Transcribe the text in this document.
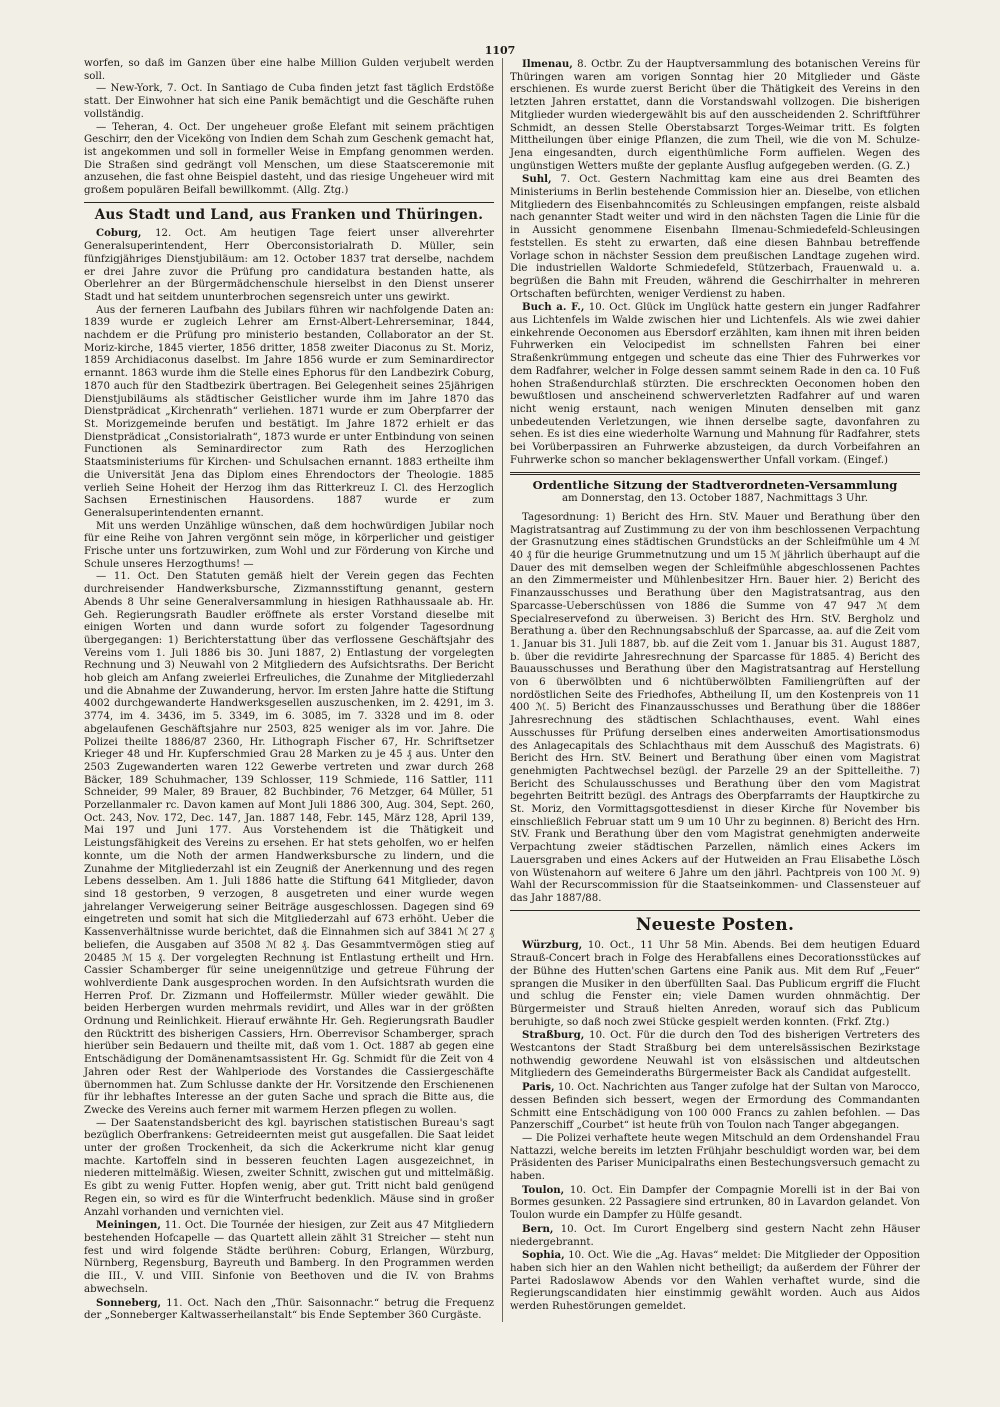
1107

worfen, so daß im Ganzen über eine halbe Million Gulden verjubelt werden soll.

— New-York, 7. Oct. In Santiago de Cuba finden jetzt fast täglich Erdstöße statt. Der Einwohner hat sich eine Panik bemächtigt und die Geschäfte ruhen vollständig.

— Teheran, 4. Oct. Der ungeheuer große Elefant mit seinem prächtigen Geschirr, den der Viceköng von Indien dem Schah zum Geschenk gemacht hat, ist angekommen und soll in formeller Weise in Empfang genommen werden. Die Straßen sind gedrängt voll Menschen, um diese Staatsceremonie mit anzusehen, die fast ohne Beispiel dasteht, und das riesige Ungeheuer wird mit großem populären Beifall bewillkommt. (Allg. Ztg.)

Aus Stadt und Land, aus Franken und Thüringen.

Coburg, 12. Oct. Am heutigen Tage feiert unser allverehrter Generalsuperintendent, Herr Oberconsistorialrath D. Müller, sein fünfzigjähriges Dienstjubiläum: am 12. October 1837 trat derselbe, nachdem er drei Jahre zuvor die Prüfung pro candidatura bestanden hatte, als Oberlehrer an der Bürgermädchenschule hierselbst in den Dienst unserer Stadt und hat seitdem ununterbrochen segensreich unter uns gewirkt.

Aus der ferneren Laufbahn des Jubilars führen wir nachfolgende Daten an: 1839 wurde er zugleich Lehrer am Ernst-Albert-Lehrerseminar, 1844, nachdem er die Prüfung pro ministerio bestanden, Collaborator an der St. Moriz-kirche, 1845 vierter, 1856 dritter, 1858 zweiter Diaconus zu St. Moriz, 1859 Archidiaconus daselbst. Im Jahre 1856 wurde er zum Seminardirector ernannt. 1863 wurde ihm die Stelle eines Ephorus für den Landbezirk Coburg, 1870 auch für den Stadtbezirk übertragen. Bei Gelegenheit seines 25jährigen Dienstjubiläums als städtischer Geistlicher wurde ihm im Jahre 1870 das Dienstprädicat „Kirchenrath“ verliehen. 1871 wurde er zum Oberpfarrer der St. Morizgemeinde berufen und bestätigt. Im Jahre 1872 erhielt er das Dienstprädicat „Consistorialrath“, 1873 wurde er unter Entbindung von seinen Functionen als Seminardirector zum Rath des Herzoglichen Staatsministeriums für Kirchen- und Schulsachen ernannt. 1883 ertheilte ihm die Universität Jena das Diplom eines Ehrendoctors der Theologie. 1885 verlieh Seine Hoheit der Herzog ihm das Ritterkreuz I. Cl. des Herzoglich Sachsen Ernestinischen Hausordens. 1887 wurde er zum Generalsuperintendenten ernannt.

Mit uns werden Unzählige wünschen, daß dem hochwürdigen Jubilar noch für eine Reihe von Jahren vergönnt sein möge, in körperlicher und geistiger Frische unter uns fortzuwirken, zum Wohl und zur Förderung von Kirche und Schule unseres Herzogthums! —

— 11. Oct. Den Statuten gemäß hielt der Verein gegen das Fechten durchreisender Handwerksbursche, Zizmannsstiftung genannt, gestern Abends 8 Uhr seine Generalversammlung in hiesigen Rathhaussaale ab. Hr. Geh. Regierungsrath Baudler eröffnete als erster Vorstand dieselbe mit einigen Worten und dann wurde sofort zu folgender Tagesordnung übergegangen: 1) Berichterstattung über das verflossene Geschäftsjahr des Vereins vom 1. Juli 1886 bis 30. Juni 1887, 2) Entlastung der vorgelegten Rechnung und 3) Neuwahl von 2 Mitgliedern des Aufsichtsraths. Der Bericht hob gleich am Anfang zweierlei Erfreuliches, die Zunahme der Mitgliederzahl und die Abnahme der Zuwanderung, hervor. Im ersten Jahre hatte die Stiftung 4002 durchgewanderte Handwerksgesellen auszuschenken, im 2. 4291, im 3. 3774, im 4. 3436, im 5. 3349, im 6. 3085, im 7. 3328 und im 8. oder abgelaufenen Geschäftsjahre nur 2503, 825 weniger als im vor. Jahre. Die Polizei theilte 1886/87 2360, Hr. Lithograph Fischer 67, Hr. Schriftsetzer Krieger 48 und Hr. Kupferschmied Grau 28 Marken zu je 45 ₰ aus. Unter den 2503 Zugewanderten waren 122 Gewerbe vertreten und zwar durch 268 Bäcker, 189 Schuhmacher, 139 Schlosser, 119 Schmiede, 116 Sattler, 111 Schneider, 99 Maler, 89 Brauer, 82 Buchbinder, 76 Metzger, 64 Müller, 51 Porzellanmaler rc. Davon kamen auf Mont Juli 1886 300, Aug. 304, Sept. 260, Oct. 243, Nov. 172, Dec. 147, Jan. 1887 148, Febr. 145, März 128, April 139, Mai 197 und Juni 177. Aus Vorstehendem ist die Thätigkeit und Leistungsfähigkeit des Vereins zu ersehen. Er hat stets geholfen, wo er helfen konnte, um die Noth der armen Handwerksbursche zu lindern, und die Zunahme der Mitgliederzahl ist ein Zeugniß der Anerkennung und des regen Lebens desselben. Am 1. Juli 1886 hatte die Stiftung 641 Mitglieder, davon sind 18 gestorben, 9 verzogen, 8 ausgetreten und einer wurde wegen jahrelanger Verweigerung seiner Beiträge ausgeschlossen. Dagegen sind 69 eingetreten und somit hat sich die Mitgliederzahl auf 673 erhöht. Ueber die Kassenverhältnisse wurde berichtet, daß die Einnahmen sich auf 3841 ℳ 27 ₰ beliefen, die Ausgaben auf 3508 ℳ 82 ₰. Das Gesammtvermögen stieg auf 20485 ℳ 15 ₰. Der vorgelegten Rechnung ist Entlastung ertheilt und Hrn. Cassier Schamberger für seine uneigennützige und getreue Führung der wohlverdiente Dank ausgesprochen worden. In den Aufsichtsrath wurden die Herren Prof. Dr. Zizmann und Hoffeilermstr. Müller wieder gewählt. Die beiden Herbergen wurden mehrmals revidirt, und Alles war in der größten Ordnung und Reinlichkeit. Hierauf erwähnte Hr. Geh. Regierungsrath Baudler den Rücktritt des bisherigen Cassiers, Hrn. Oberrevisor Schamberger, sprach hierüber sein Bedauern und theilte mit, daß vom 1. Oct. 1887 ab gegen eine Entschädigung der Domänenamtsassistent Hr. Gg. Schmidt für die Zeit von 4 Jahren oder Rest der Wahlperiode des Vorstandes die Cassiergeschäfte übernommen hat. Zum Schlusse dankte der Hr. Vorsitzende den Erschienenen für ihr lebhaftes Interesse an der guten Sache und sprach die Bitte aus, die Zwecke des Vereins auch ferner mit warmem Herzen pflegen zu wollen.

— Der Saatenstandsbericht des kgl. bayrischen statistischen Bureau's sagt bezüglich Oberfrankens: Getreideernten meist gut ausgefallen. Die Saat leidet unter der großen Trockenheit, da sich die Ackerkrume nicht klar genug machte. Kartoffeln sind in besseren feuchten Lagen ausgezeichnet, in niederen mittelmäßig. Wiesen, zweiter Schnitt, zwischen gut und mittelmäßig. Es gibt zu wenig Futter. Hopfen wenig, aber gut. Tritt nicht bald genügend Regen ein, so wird es für die Winterfrucht bedenklich. Mäuse sind in großer Anzahl vorhanden und vernichten viel.

Meiningen, 11. Oct. Die Tournée der hiesigen, zur Zeit aus 47 Mitgliedern bestehenden Hofcapelle — das Quartett allein zählt 31 Streicher — steht nun fest und wird folgende Städte berühren: Coburg, Erlangen, Würzburg, Nürnberg, Regensburg, Bayreuth und Bamberg. In den Programmen werden die III., V. und VIII. Sinfonie von Beethoven und die IV. von Brahms abwechseln.

Sonneberg, 11. Oct. Nach den „Thür. Saisonnachr.“ betrug die Frequenz der „Sonneberger Kaltwasserheilanstalt“ bis Ende September 360 Curgäste.

Ilmenau, 8. Octbr. Zu der Hauptversammlung des botanischen Vereins für Thüringen waren am vorigen Sonntag hier 20 Mitglieder und Gäste erschienen. Es wurde zuerst Bericht über die Thätigkeit des Vereins in den letzten Jahren erstattet, dann die Vorstandswahl vollzogen. Die bisherigen Mitglieder wurden wiedergewählt bis auf den ausscheidenden 2. Schriftführer Schmidt, an dessen Stelle Oberstabsarzt Torges-Weimar tritt. Es folgten Mittheilungen über einige Pflanzen, die zum Theil, wie die von M. Schulze-Jena eingesandten, durch eigenthümliche Form auffielen. Wegen des ungünstigen Wetters mußte der geplante Ausflug aufgegeben werden. (G. Z.)

Suhl, 7. Oct. Gestern Nachmittag kam eine aus drei Beamten des Ministeriums in Berlin bestehende Commission hier an. Dieselbe, von etlichen Mitgliedern des Eisenbahncomités zu Schleusingen empfangen, reiste alsbald nach genannter Stadt weiter und wird in den nächsten Tagen die Linie für die in Aussicht genommene Eisenbahn Ilmenau-Schmiedefeld-Schleusingen feststellen. Es steht zu erwarten, daß eine diesen Bahnbau betreffende Vorlage schon in nächster Session dem preußischen Landtage zugehen wird. Die industriellen Waldorte Schmiedefeld, Stützerbach, Frauenwald u. a. begrüßen die Bahn mit Freuden, während die Geschirrhalter in mehreren Ortschaften befürchten, weniger Verdienst zu haben.

Buch a. F., 10. Oct. Glück im Unglück hatte gestern ein junger Radfahrer aus Lichtenfels im Walde zwischen hier und Lichtenfels. Als wie zwei dahier einkehrende Oeconomen aus Ebersdorf erzählten, kam ihnen mit ihren beiden Fuhrwerken ein Velocipedist im schnellsten Fahren bei einer Straßenkrümmung entgegen und scheute das eine Thier des Fuhrwerkes vor dem Radfahrer, welcher in Folge dessen sammt seinem Rade in den ca. 10 Fuß hohen Straßendurchlaß stürzten. Die erschreckten Oeconomen hoben den bewußtlosen und anscheinend schwerverletzten Radfahrer auf und waren nicht wenig erstaunt, nach wenigen Minuten denselben mit ganz unbedeutenden Verletzungen, wie ihnen derselbe sagte, davonfahren zu sehen. Es ist dies eine wiederholte Warnung und Mahnung für Radfahrer, stets bei Vorüberpassiren an Fuhrwerke abzusteigen, da durch Vorbeifahren an Fuhrwerke schon so mancher beklagenswerther Unfall vorkam. (Eingef.)

Ordentliche Sitzung der Stadtverordneten-Versammlung

am Donnerstag, den 13. October 1887, Nachmittags 3 Uhr.

Tagesordnung: 1) Bericht des Hrn. StV. Mauer und Berathung über den Magistratsantrag auf Zustimmung zu der von ihm beschlossenen Verpachtung der Grasnutzung eines städtischen Grundstücks an der Schleifmühle um 4 ℳ 40 ₰ für die heurige Grummetnutzung und um 15 ℳ jährlich überhaupt auf die Dauer des mit demselben wegen der Schleifmühle abgeschlossenen Pachtes an den Zimmermeister und Mühlenbesitzer Hrn. Bauer hier. 2) Bericht des Finanzausschusses und Berathung über den Magistratsantrag, aus den Sparcasse-Ueberschüssen von 1886 die Summe von 47 947 ℳ dem Specialreservefond zu überweisen. 3) Bericht des Hrn. StV. Bergholz und Berathung a. über den Rechnungsabschluß der Sparcasse, aa. auf die Zeit vom 1. Januar bis 31. Juli 1887, bb. auf die Zeit vom 1. Januar bis 31. August 1887, b. über die revidirte Jahresrechnung der Sparcasse für 1885. 4) Bericht des Bauausschusses und Berathung über den Magistratsantrag auf Herstellung von 6 überwölbten und 6 nichtüberwölbten Familiengrüften auf der nordöstlichen Seite des Friedhofes, Abtheilung II, um den Kostenpreis von 11 400 ℳ. 5) Bericht des Finanzausschusses und Berathung über die 1886er Jahresrechnung des städtischen Schlachthauses, event. Wahl eines Ausschusses für Prüfung derselben eines anderweiten Amortisationsmodus des Anlagecapitals des Schlachthaus mit dem Ausschuß des Magistrats. 6) Bericht des Hrn. StV. Beinert und Berathung über einen vom Magistrat genehmigten Pachtwechsel bezügl. der Parzelle 29 an der Spittelleithe. 7) Bericht des Schulausschusses und Berathung über den vom Magistrat begehrten Beitritt bezügl. des Antrags des Oberpfarramts der Hauptkirche zu St. Moriz, den Vormittagsgottesdienst in dieser Kirche für November bis einschließlich Februar statt um 9 um 10 Uhr zu beginnen. 8) Bericht des Hrn. StV. Frank und Berathung über den vom Magistrat genehmigten anderweite Verpachtung zweier städtischen Parzellen, nämlich eines Ackers im Lauersgraben und eines Ackers auf der Hutweiden an Frau Elisabethe Lösch von Wüstenahorn auf weitere 6 Jahre um den jährl. Pachtpreis von 100 ℳ. 9) Wahl der Recurscommission für die Staatseinkommen- und Classensteuer auf das Jahr 1887/88.

Neueste Posten.

Würzburg, 10. Oct., 11 Uhr 58 Min. Abends. Bei dem heutigen Eduard Strauß-Concert brach in Folge des Herabfallens eines Decorationsstückes auf der Bühne des Hutten'schen Gartens eine Panik aus. Mit dem Ruf „Feuer“ sprangen die Musiker in den überfüllten Saal. Das Publicum ergriff die Flucht und schlug die Fenster ein; viele Damen wurden ohnmächtig. Der Bürgermeister und Strauß hielten Anreden, worauf sich das Publicum beruhigte, so daß noch zwei Stücke gespielt werden konnten. (Frkf. Ztg.)

Straßburg, 10. Oct. Für die durch den Tod des bisherigen Vertreters des Westcantons der Stadt Straßburg bei dem unterelsässischen Bezirkstage nothwendig gewordene Neuwahl ist von elsässischen und altdeutschen Mitgliedern des Gemeinderaths Bürgermeister Back als Candidat aufgestellt.

Paris, 10. Oct. Nachrichten aus Tanger zufolge hat der Sultan von Marocco, dessen Befinden sich bessert, wegen der Ermordung des Commandanten Schmitt eine Entschädigung von 100 000 Francs zu zahlen befohlen. — Das Panzerschiff „Courbet“ ist heute früh von Toulon nach Tanger abgegangen.

— Die Polizei verhaftete heute wegen Mitschuld an dem Ordenshandel Frau Nattazzi, welche bereits im letzten Frühjahr beschuldigt worden war, bei dem Präsidenten des Pariser Municipalraths einen Bestechungsversuch gemacht zu haben.

Toulon, 10. Oct. Ein Dampfer der Compagnie Morelli ist in der Bai von Bormes gesunken. 22 Passagiere sind ertrunken, 80 in Lavardon gelandet. Von Toulon wurde ein Dampfer zu Hülfe gesandt.

Bern, 10. Oct. Im Curort Engelberg sind gestern Nacht zehn Häuser niedergebrannt.

Sophia, 10. Oct. Wie die „Ag. Havas“ meldet: Die Mitglieder der Opposition haben sich hier an den Wahlen nicht betheiligt; da außerdem der Führer der Partei Radoslawow Abends vor den Wahlen verhaftet wurde, sind die Regierungscandidaten hier einstimmig gewählt worden. Auch aus Aidos werden Ruhestörungen gemeldet.
